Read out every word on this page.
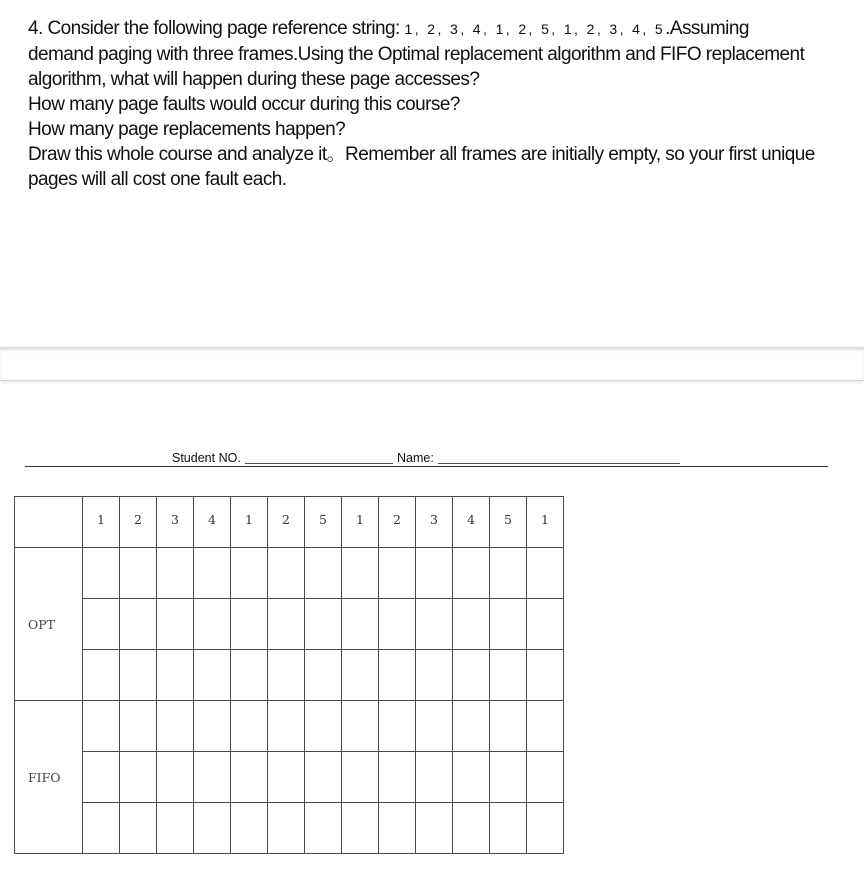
4. Consider the following page reference string: 1, 2, 3, 4, 1, 2, 5, 1, 2, 3, 4, 5.Assuming

demand paging with three frames.Using the Optimal replacement algorithm and FIFO replacement

algorithm, what will happen during these page accesses?

How many page faults would occur during this course?

How many page replacements happen?

Draw this whole course and analyze it。Remember all frames are initially empty, so your first unique

pages will all cost one fault each.

Student NO.	Name:
	1	2	3	4	1	2	5	1	2	3	4	5	1
OPT													

FIFO													
